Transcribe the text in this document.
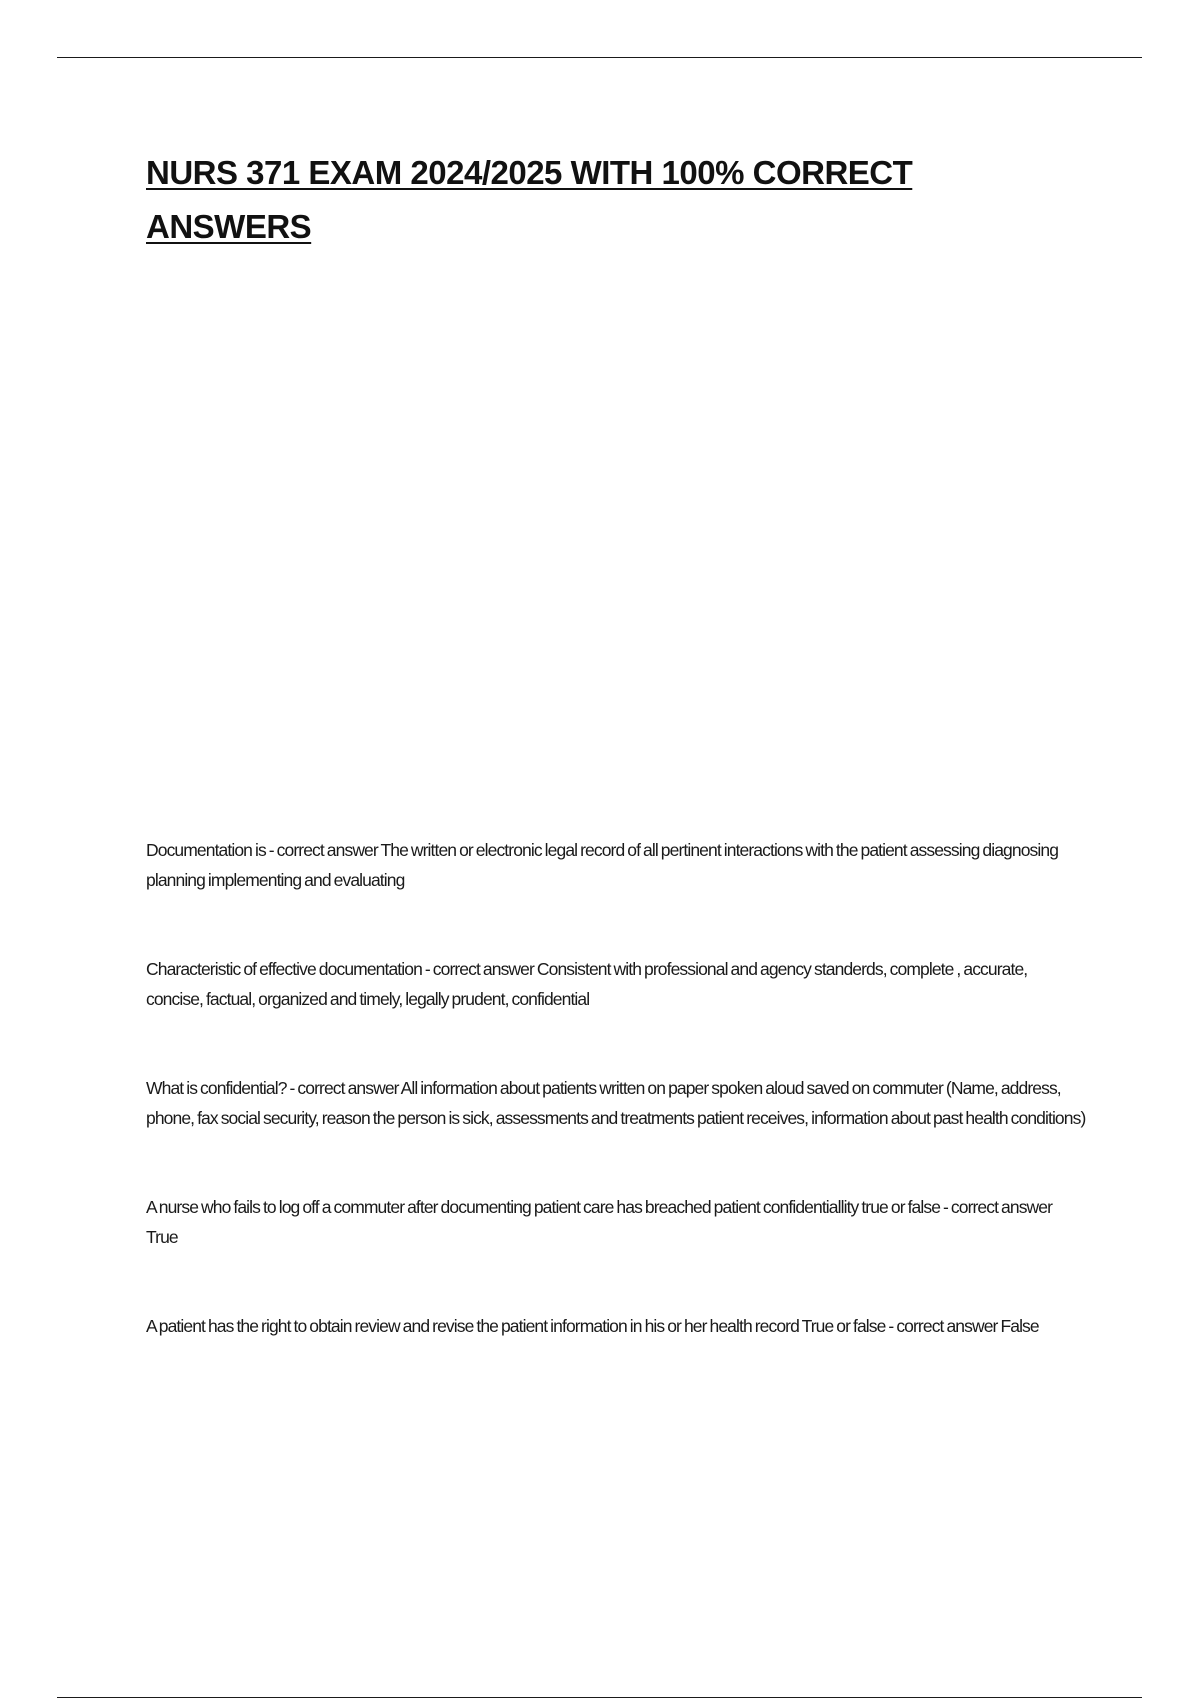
NURS 371 EXAM 2024/2025 WITH 100% CORRECT ANSWERS
Documentation is - correct answer The written or electronic legal record of all pertinent interactions with the patient assessing diagnosing planning implementing and evaluating
Characteristic of effective documentation - correct answer Consistent with professional and agency standerds, complete , accurate, concise, factual, organized and timely, legally prudent, confidential
What is confidential? - correct answer All information about patients written on paper spoken aloud saved on commuter (Name, address, phone, fax social security, reason the person is sick, assessments and treatments patient receives, information about past health conditions)
A nurse who fails to log off a commuter after documenting patient care has breached patient confidentiallity true or false - correct answer True
A patient has the right to obtain review and revise the patient information in his or her health record True or false - correct answer False
